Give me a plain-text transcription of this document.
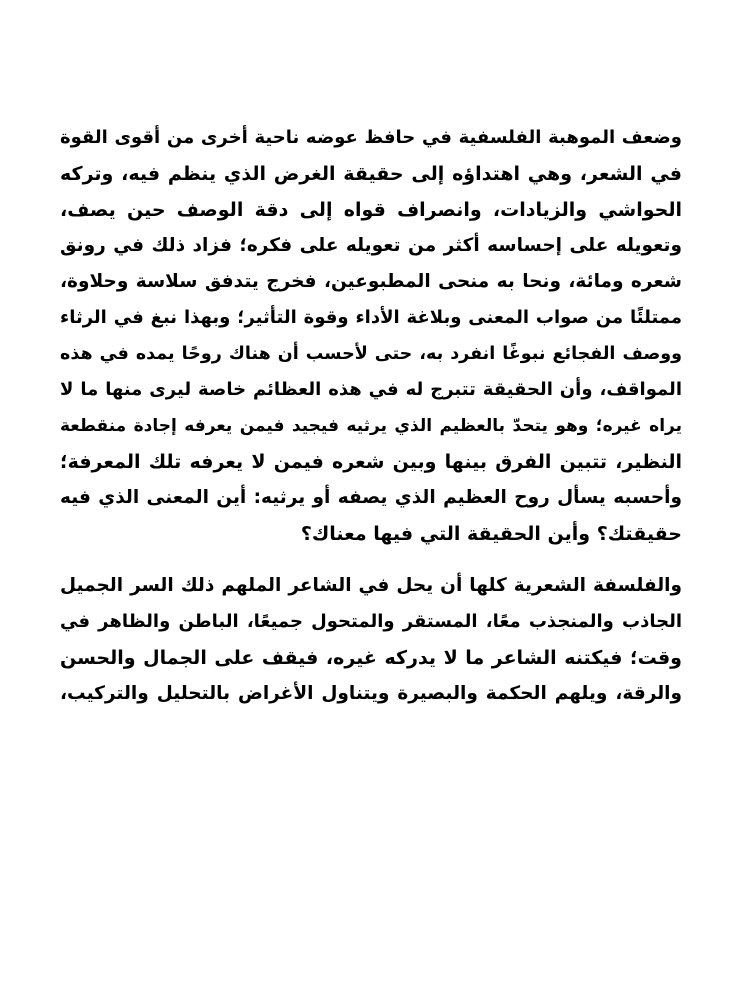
وضعف الموهبة الفلسفية في حافظ عوضه ناحية أخرى من أقوى القوة
في الشعر، وهي اهتداؤه إلى حقيقة الغرض الذي ينظم فيه، وتركه
الحواشي والزيادات، وانصراف قواه إلى دقة الوصف حين يصف،
وتعويله على إحساسه أكثر من تعويله على فكره؛ فزاد ذلك في رونق
شعره ومائة، ونحا به منحى المطبوعين، فخرج يتدفق سلاسة وحلاوة،
ممتلئًا من صواب المعنى وبلاغة الأداء وقوة التأثير؛ وبهذا نبغ في الرثاء
ووصف الفجائع نبوغًا انفرد به، حتى لأحسب أن هناك روحًا يمده في هذه
المواقف، وأن الحقيقة تتبرج له في هذه العظائم خاصة ليرى منها ما لا
يراه غيره؛ وهو يتحدّ بالعظيم الذي يرثيه فيجيد فيمن يعرفه إجادة منقطعة
النظير، تتبين الفرق بينها وبين شعره فيمن لا يعرفه تلك المعرفة؛
وأحسبه يسأل روح العظيم الذي يصفه أو يرثيه: أين المعنى الذي فيه
حقيقتك؟ وأين الحقيقة التي فيها معناك؟
والفلسفة الشعرية كلها أن يحل في الشاعر الملهم ذلك السر الجميل
الجاذب والمنجذب معًا، المستقر والمتحول جميعًا، الباطن والظاهر في
وقت؛ فيكتنه الشاعر ما لا يدركه غيره، فيقف على الجمال والحسن
والرقة، ويلهم الحكمة والبصيرة ويتناول الأغراض بالتحليل والتركيب،
